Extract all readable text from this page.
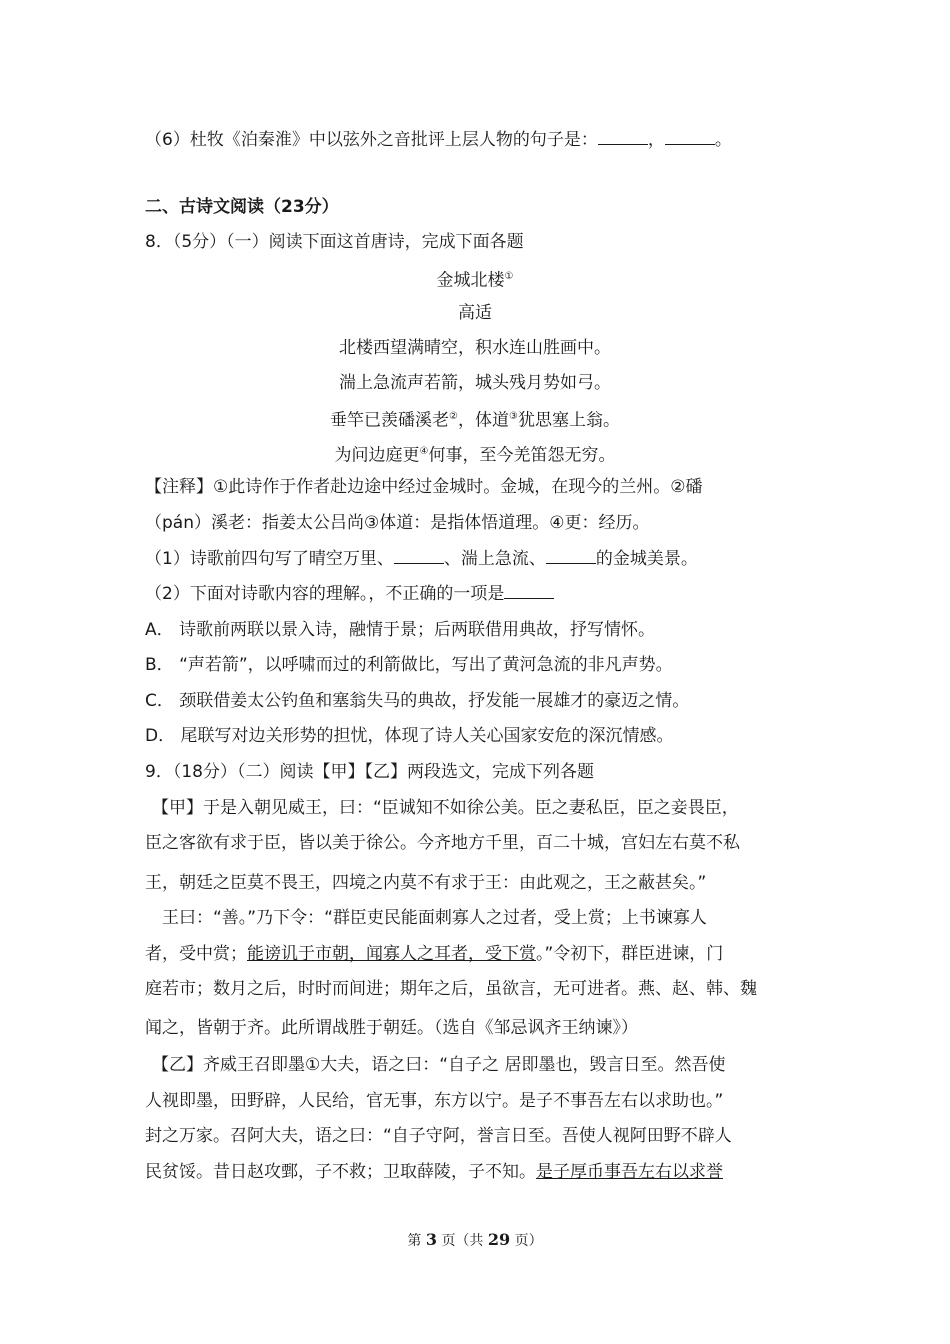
（6）杜牧《泊秦淮》中以弦外之音批评上层人物的句子是：	，	。
二、古诗文阅读（23分）
8．（5分）（一）阅读下面这首唐诗，完成下面各题
金城北楼①
高适
北楼西望满晴空，积水连山胜画中。
湍上急流声若箭，城头残月势如弓。
垂竿已羡磻溪老②，体道③犹思塞上翁。
为问边庭更④何事，至今羌笛怨无穷。
【注释】①此诗作于作者赴边途中经过金城时。金城，在现今的兰州。②磻
（pán）溪老：指姜太公吕尚③体道：是指体悟道理。④更：经历。
（1）诗歌前四句写了晴空万里、	、湍上急流、	的金城美景。
（2）下面对诗歌内容的理解。，不正确的一项是
A． 诗歌前两联以景入诗，融情于景；后两联借用典故，抒写情怀。
B． “声若箭”，以呼啸而过的利箭做比，写出了黄河急流的非凡声势。
C． 颈联借姜太公钓鱼和塞翁失马的典故，抒发能一展雄才的豪迈之情。
D． 尾联写对边关形势的担忧，体现了诗人关心国家安危的深沉情感。
9．（18分）（二）阅读【甲】【乙】两段选文，完成下列各题
【甲】于是入朝见威王，曰：“臣诚知不如徐公美。臣之妻私臣，臣之妾畏臣，
臣之客欲有求于臣，皆以美于徐公。今齐地方千里，百二十城，宫妇左右莫不私
王，朝廷之臣莫不畏王，四境之内莫不有求于王：由此观之，王之蔽甚矣。”
王曰：“善。”乃下令：“群臣吏民能面刺寡人之过者，受上赏；上书谏寡人
者，受中赏；能谤讥于市朝，闻寡人之耳者，受下赏。”令初下，群臣进谏，门
庭若市；数月之后，时时而间进；期年之后，虽欲言，无可进者。燕、赵、韩、魏
闻之，皆朝于齐。此所谓战胜于朝廷。（选自《邹忌讽齐王纳谏》）
【乙】齐威王召即墨①大夫，语之曰：“自子之 居即墨也，毁言日至。然吾使
人视即墨，田野辟，人民给，官无事，东方以宁。是子不事吾左右以求助也。”
封之万家。召阿大夫，语之曰：“自子守阿，誉言日至。吾使人视阿田野不辟人
民贫馁。昔日赵攻鄄，子不救；卫取薛陵，子不知。是子厚币事吾左右以求誉
第 3 页（共 29 页）
